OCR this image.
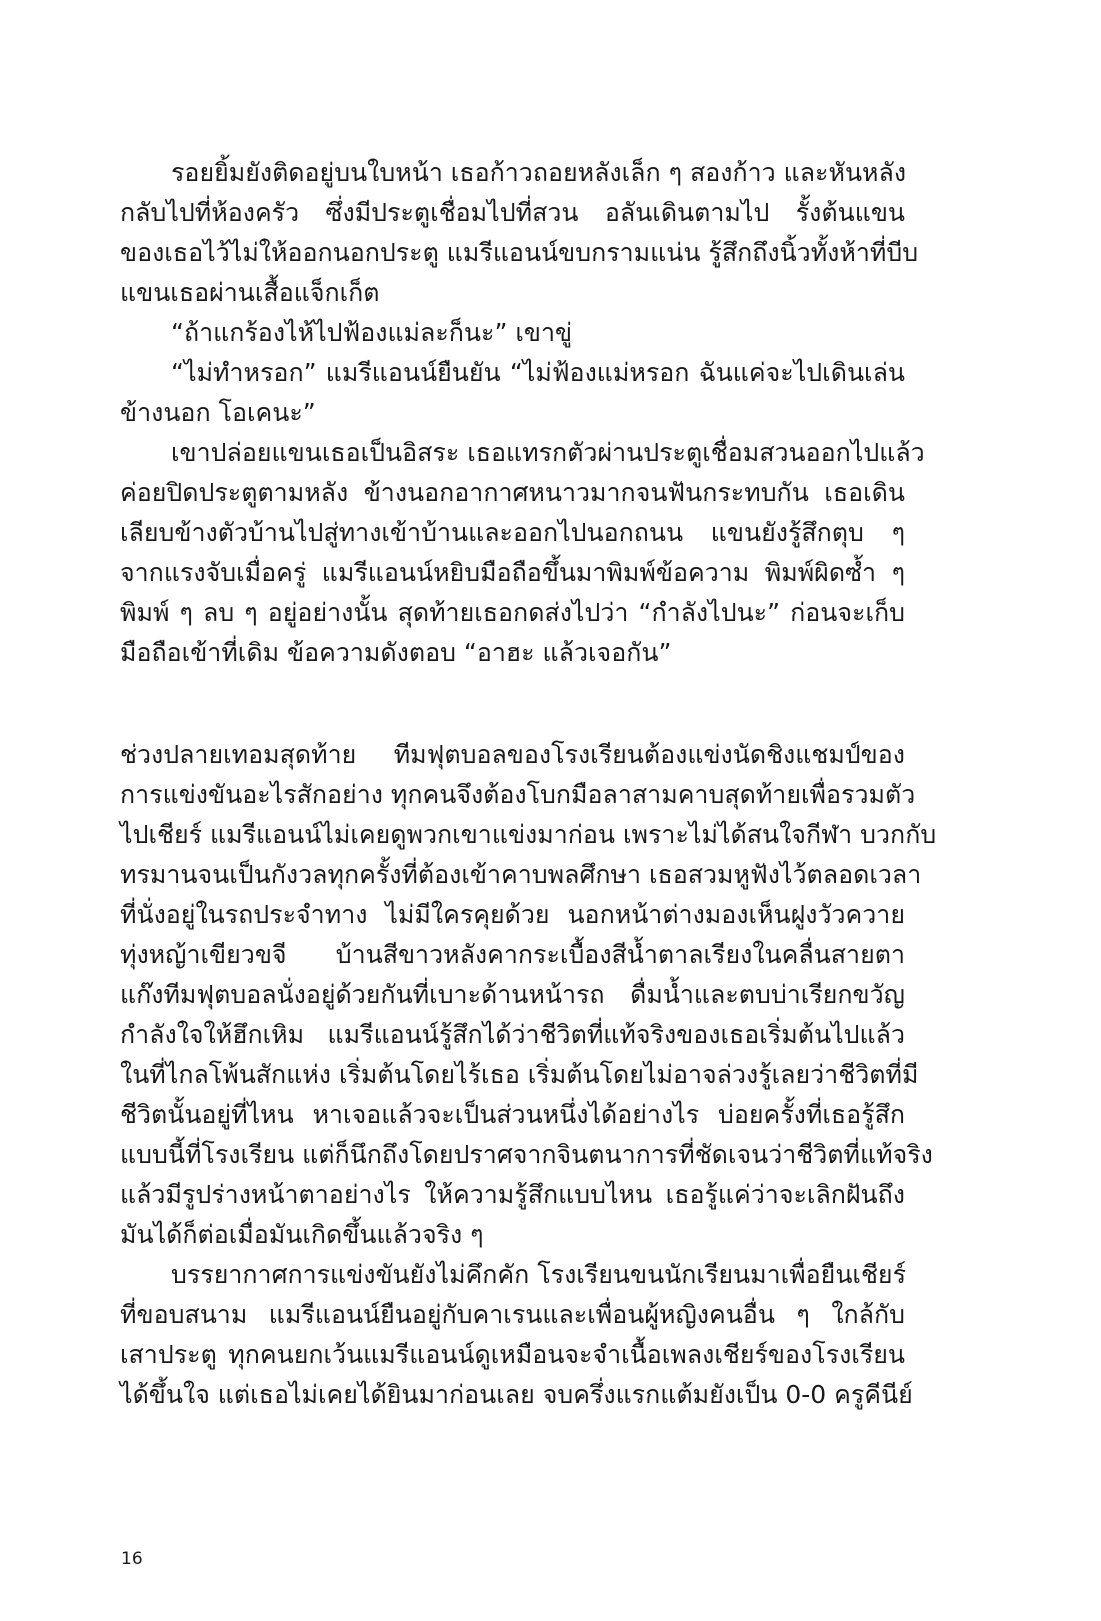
รอยยิ้มยังติดอยู่บนใบหน้า เธอก้าวถอยหลังเล็ก ๆ สองก้าว และหันหลัง
กลับไปที่ห้องครัว ซึ่งมีประตูเชื่อมไปที่สวน อลันเดินตามไป รั้งต้นแขน
ของเธอไว้ไม่ให้ออกนอกประตู แมรีแอนน์ขบกรามแน่น รู้สึกถึงนิ้วทั้งห้าที่บีบ
แขนเธอผ่านเสื้อแจ็กเก็ต
“ถ้าแกร้องไห้ไปฟ้องแม่ละก็นะ” เขาขู่
“ไม่ทำหรอก” แมรีแอนน์ยืนยัน “ไม่ฟ้องแม่หรอก ฉันแค่จะไปเดินเล่น
ข้างนอก โอเคนะ”
เขาปล่อยแขนเธอเป็นอิสระ เธอแทรกตัวผ่านประตูเชื่อมสวนออกไปแล้ว
ค่อยปิดประตูตามหลัง ข้างนอกอากาศหนาวมากจนฟันกระทบกัน เธอเดิน
เลียบข้างตัวบ้านไปสู่ทางเข้าบ้านและออกไปนอกถนน แขนยังรู้สึกตุบ ๆ
จากแรงจับเมื่อครู่ แมรีแอนน์หยิบมือถือขึ้นมาพิมพ์ข้อความ พิมพ์ผิดซ้ำ ๆ
พิมพ์ ๆ ลบ ๆ อยู่อย่างนั้น สุดท้ายเธอกดส่งไปว่า “กำลังไปนะ” ก่อนจะเก็บ
มือถือเข้าที่เดิม ข้อความดังตอบ “อาฮะ แล้วเจอกัน”
ช่วงปลายเทอมสุดท้าย ทีมฟุตบอลของโรงเรียนต้องแข่งนัดชิงแชมป์ของ
การแข่งขันอะไรสักอย่าง ทุกคนจึงต้องโบกมือลาสามคาบสุดท้ายเพื่อรวมตัว
ไปเชียร์ แมรีแอนน์ไม่เคยดูพวกเขาแข่งมาก่อน เพราะไม่ได้สนใจกีฬา บวกกับ
ทรมานจนเป็นกังวลทุกครั้งที่ต้องเข้าคาบพลศึกษา เธอสวมหูฟังไว้ตลอดเวลา
ที่นั่งอยู่ในรถประจำทาง ไม่มีใครคุยด้วย นอกหน้าต่างมองเห็นฝูงวัวควาย
ทุ่งหญ้าเขียวขจี บ้านสีขาวหลังคากระเบื้องสีน้ำตาลเรียงในคลื่นสายตา
แก๊งทีมฟุตบอลนั่งอยู่ด้วยกันที่เบาะด้านหน้ารถ ดื่มน้ำและตบบ่าเรียกขวัญ
กำลังใจให้ฮึกเหิม แมรีแอนน์รู้สึกได้ว่าชีวิตที่แท้จริงของเธอเริ่มต้นไปแล้ว
ในที่ไกลโพ้นสักแห่ง เริ่มต้นโดยไร้เธอ เริ่มต้นโดยไม่อาจล่วงรู้เลยว่าชีวิตที่มี
ชีวิตนั้นอยู่ที่ไหน หาเจอแล้วจะเป็นส่วนหนึ่งได้อย่างไร บ่อยครั้งที่เธอรู้สึก
แบบนี้ที่โรงเรียน แต่ก็นึกถึงโดยปราศจากจินตนาการที่ชัดเจนว่าชีวิตที่แท้จริง
แล้วมีรูปร่างหน้าตาอย่างไร ให้ความรู้สึกแบบไหน เธอรู้แค่ว่าจะเลิกฝันถึง
มันได้ก็ต่อเมื่อมันเกิดขึ้นแล้วจริง ๆ
บรรยากาศการแข่งขันยังไม่คึกคัก โรงเรียนขนนักเรียนมาเพื่อยืนเชียร์
ที่ขอบสนาม แมรีแอนน์ยืนอยู่กับคาเรนและเพื่อนผู้หญิงคนอื่น ๆ ใกล้กับ
เสาประตู ทุกคนยกเว้นแมรีแอนน์ดูเหมือนจะจำเนื้อเพลงเชียร์ของโรงเรียน
ได้ขึ้นใจ แต่เธอไม่เคยได้ยินมาก่อนเลย จบครึ่งแรกแต้มยังเป็น 0-0 ครูคีนีย์
16
